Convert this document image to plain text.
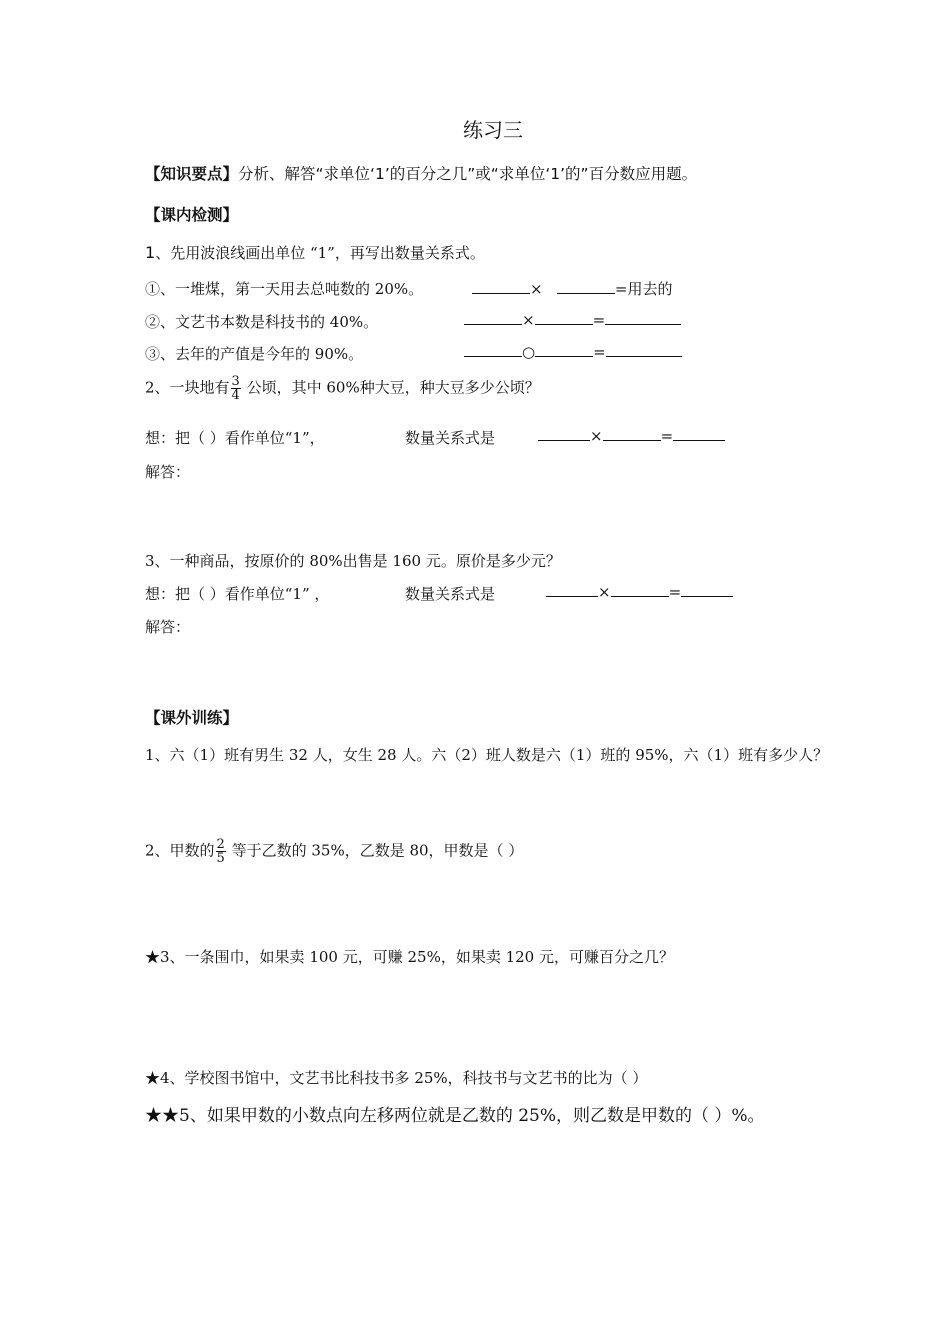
练习三
【知识要点】分析、解答“求单位‘1’的百分之几”或“求单位‘1’的”百分数应用题。
【课内检测】
1、先用波浪线画出单位 “1”，再写出数量关系式。
①、一堆煤，第一天用去总吨数的 20%。	×	=用去的
②、文艺书本数是科技书的 40%。	×	=
③、去年的产值是今年的 90%。	○	=
2、一块地有 $\frac{3}{4}$ 公顷，其中 60%种大豆，种大豆多少公顷？
想：把（ ）看作单位“1”，	数量关系式是	×	=
解答：
3、一种商品，按原价的 80%出售是 160 元。原价是多少元？
想：把（ ）看作单位“1” ，	数量关系式是	×	=
解答：
【课外训练】
1、六（1）班有男生 32 人，女生 28 人。六（2）班人数是六（1）班的 95%，六（1）班有多少人？
2、甲数的 $\frac{2}{5}$ 等于乙数的 35%，乙数是 80，甲数是（ ）
★3、一条围巾，如果卖 100 元，可赚 25%，如果卖 120 元，可赚百分之几？
★4、学校图书馆中，文艺书比科技书多 25%，科技书与文艺书的比为（ ）
★★5、如果甲数的小数点向左移两位就是乙数的 25%，则乙数是甲数的（ ）%。
